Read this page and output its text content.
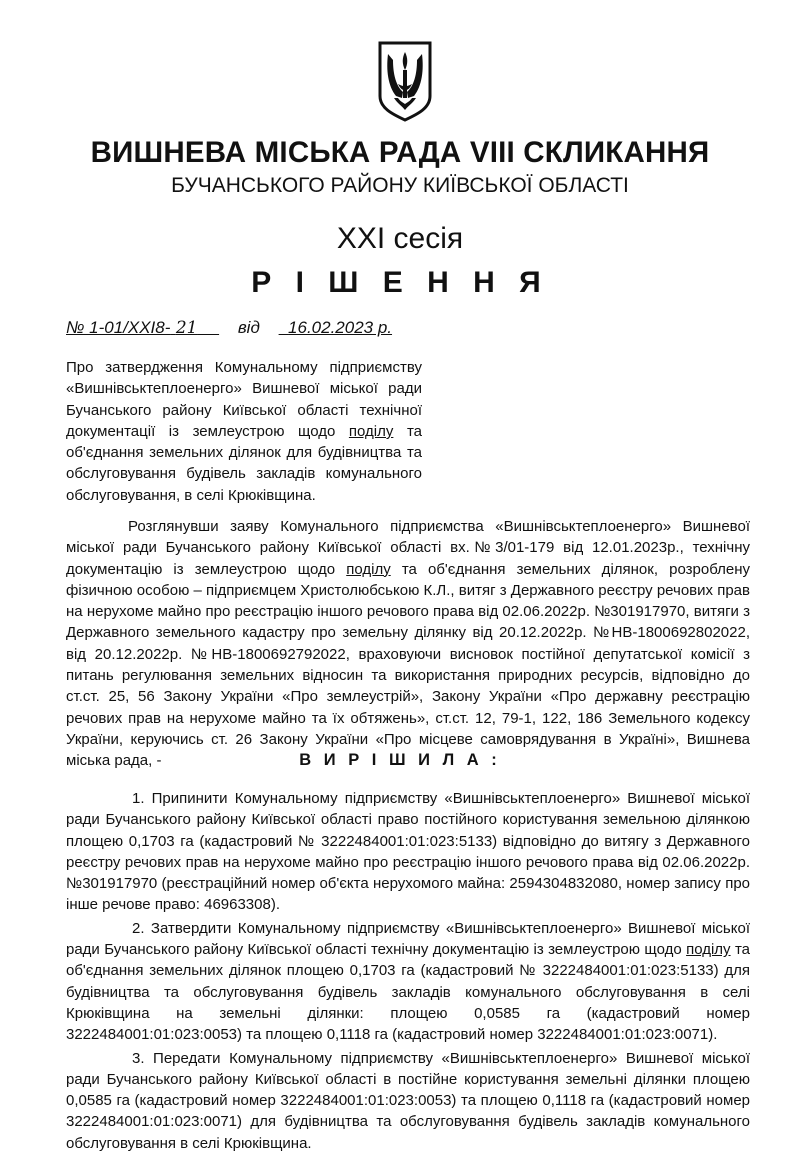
ВИШНЕВА МІСЬКА РАДА VIII СКЛИКАННЯ
БУЧАНСЬКОГО РАЙОНУ КИЇВСЬКОЇ ОБЛАСТІ
XXI сесія
Р І Ш Е Н Н Я
№ 1-01/XXI8- 21 від 16.02.2023 р.
Про затвердження Комунальному підприємству «Вишнівськтеплоенерго» Вишневої міської ради Бучанського району Київської області технічної документації із землеустрою щодо поділу та об'єднання земельних ділянок для будівництва та обслуговування будівель закладів комунального обслуговування, в селі Крюківщина.

Розглянувши заяву Комунального підприємства «Вишнівськтеплоенерго» Вишневої міської ради Бучанського району Київської області вх.№3/01-179 від 12.01.2023р., технічну документацію із землеустрою щодо поділу та об'єднання земельних ділянок, розроблену фізичною особою – підприємцем Христолюбською К.Л., витяг з Державного реєстру речових прав на нерухоме майно про реєстрацію іншого речового права від 02.06.2022р. №301917970, витяги з Державного земельного кадастру про земельну ділянку від 20.12.2022р. №НВ-1800692802022, від 20.12.2022р. №НВ-1800692792022, враховуючи висновок постійної депутатської комісії з питань регулювання земельних відносин та використання природних ресурсів, відповідно до ст.ст. 25, 56 Закону України «Про землеустрій», Закону України «Про державну реєстрацію речових прав на нерухоме майно та їх обтяжень», ст.ст. 12, 79-1, 122, 186 Земельного кодексу України, керуючись ст. 26 Закону України «Про місцеве самоврядування в Україні», Вишнева міська рада, -	В И Р І Ш И Л А :

1. Припинити Комунальному підприємству «Вишнівськтеплоенерго» Вишневої міської ради Бучанського району Київської області право постійного користування земельною ділянкою площею 0,1703 га (кадастровий № 3222484001:01:023:5133) відповідно до витягу з Державного реєстру речових прав на нерухоме майно про реєстрацію іншого речового права від 02.06.2022р. №301917970 (реєстраційний номер об'єкта нерухомого майна: 2594304832080, номер запису про інше речове право: 46963308).

2. Затвердити Комунальному підприємству «Вишнівськтеплоенерго» Вишневої міської ради Бучанського району Київської області технічну документацію із землеустрою щодо поділу та об'єднання земельних ділянок площею 0,1703 га (кадастровий № 3222484001:01:023:5133) для будівництва та обслуговування будівель закладів комунального обслуговування в селі Крюківщина на земельні ділянки: площею 0,0585 га (кадастровий номер 3222484001:01:023:0053) та площею 0,1118 га (кадастровий номер 3222484001:01:023:0071).

3. Передати Комунальному підприємству «Вишнівськтеплоенерго» Вишневої міської ради Бучанського району Київської області в постійне користування земельні ділянки площею 0,0585 га (кадастровий номер 3222484001:01:023:0053) та площею 0,1118 га (кадастровий номер 3222484001:01:023:0071) для будівництва та обслуговування будівель закладів комунального обслуговування в селі Крюківщина.
